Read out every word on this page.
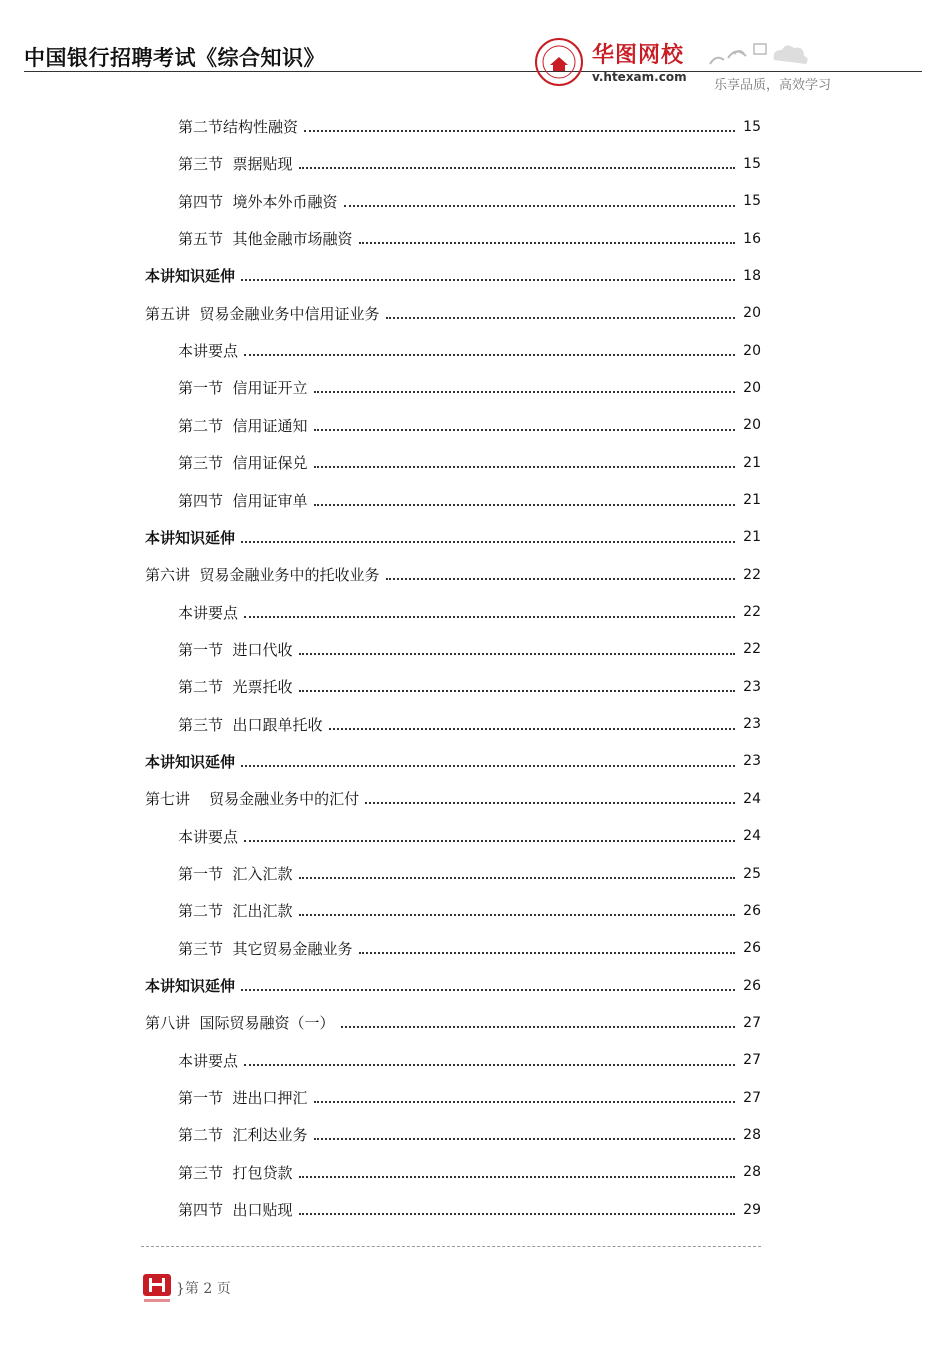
中国银行招聘考试《综合知识》	华图网校
v.htexam.com
乐享品质，高效学习
第二节结构性融资	15
第三节  票据贴现	15
第四节  境外本外币融资	15
第五节  其他金融市场融资	16
本讲知识延伸	18
第五讲  贸易金融业务中信用证业务	20
本讲要点	20
第一节  信用证开立	20
第二节  信用证通知	20
第三节  信用证保兑	21
第四节  信用证审单	21
本讲知识延伸	21
第六讲  贸易金融业务中的托收业务	22
本讲要点	22
第一节  进口代收	22
第二节  光票托收	23
第三节  出口跟单托收	23
本讲知识延伸	23
第七讲    贸易金融业务中的汇付	24
本讲要点	24
第一节  汇入汇款	25
第二节  汇出汇款	26
第三节  其它贸易金融业务	26
本讲知识延伸	26
第八讲  国际贸易融资（一）	27
本讲要点	27
第一节  进出口押汇	27
第二节  汇利达业务	28
第三节  打包贷款	28
第四节  出口贴现	29
}第 2 页
